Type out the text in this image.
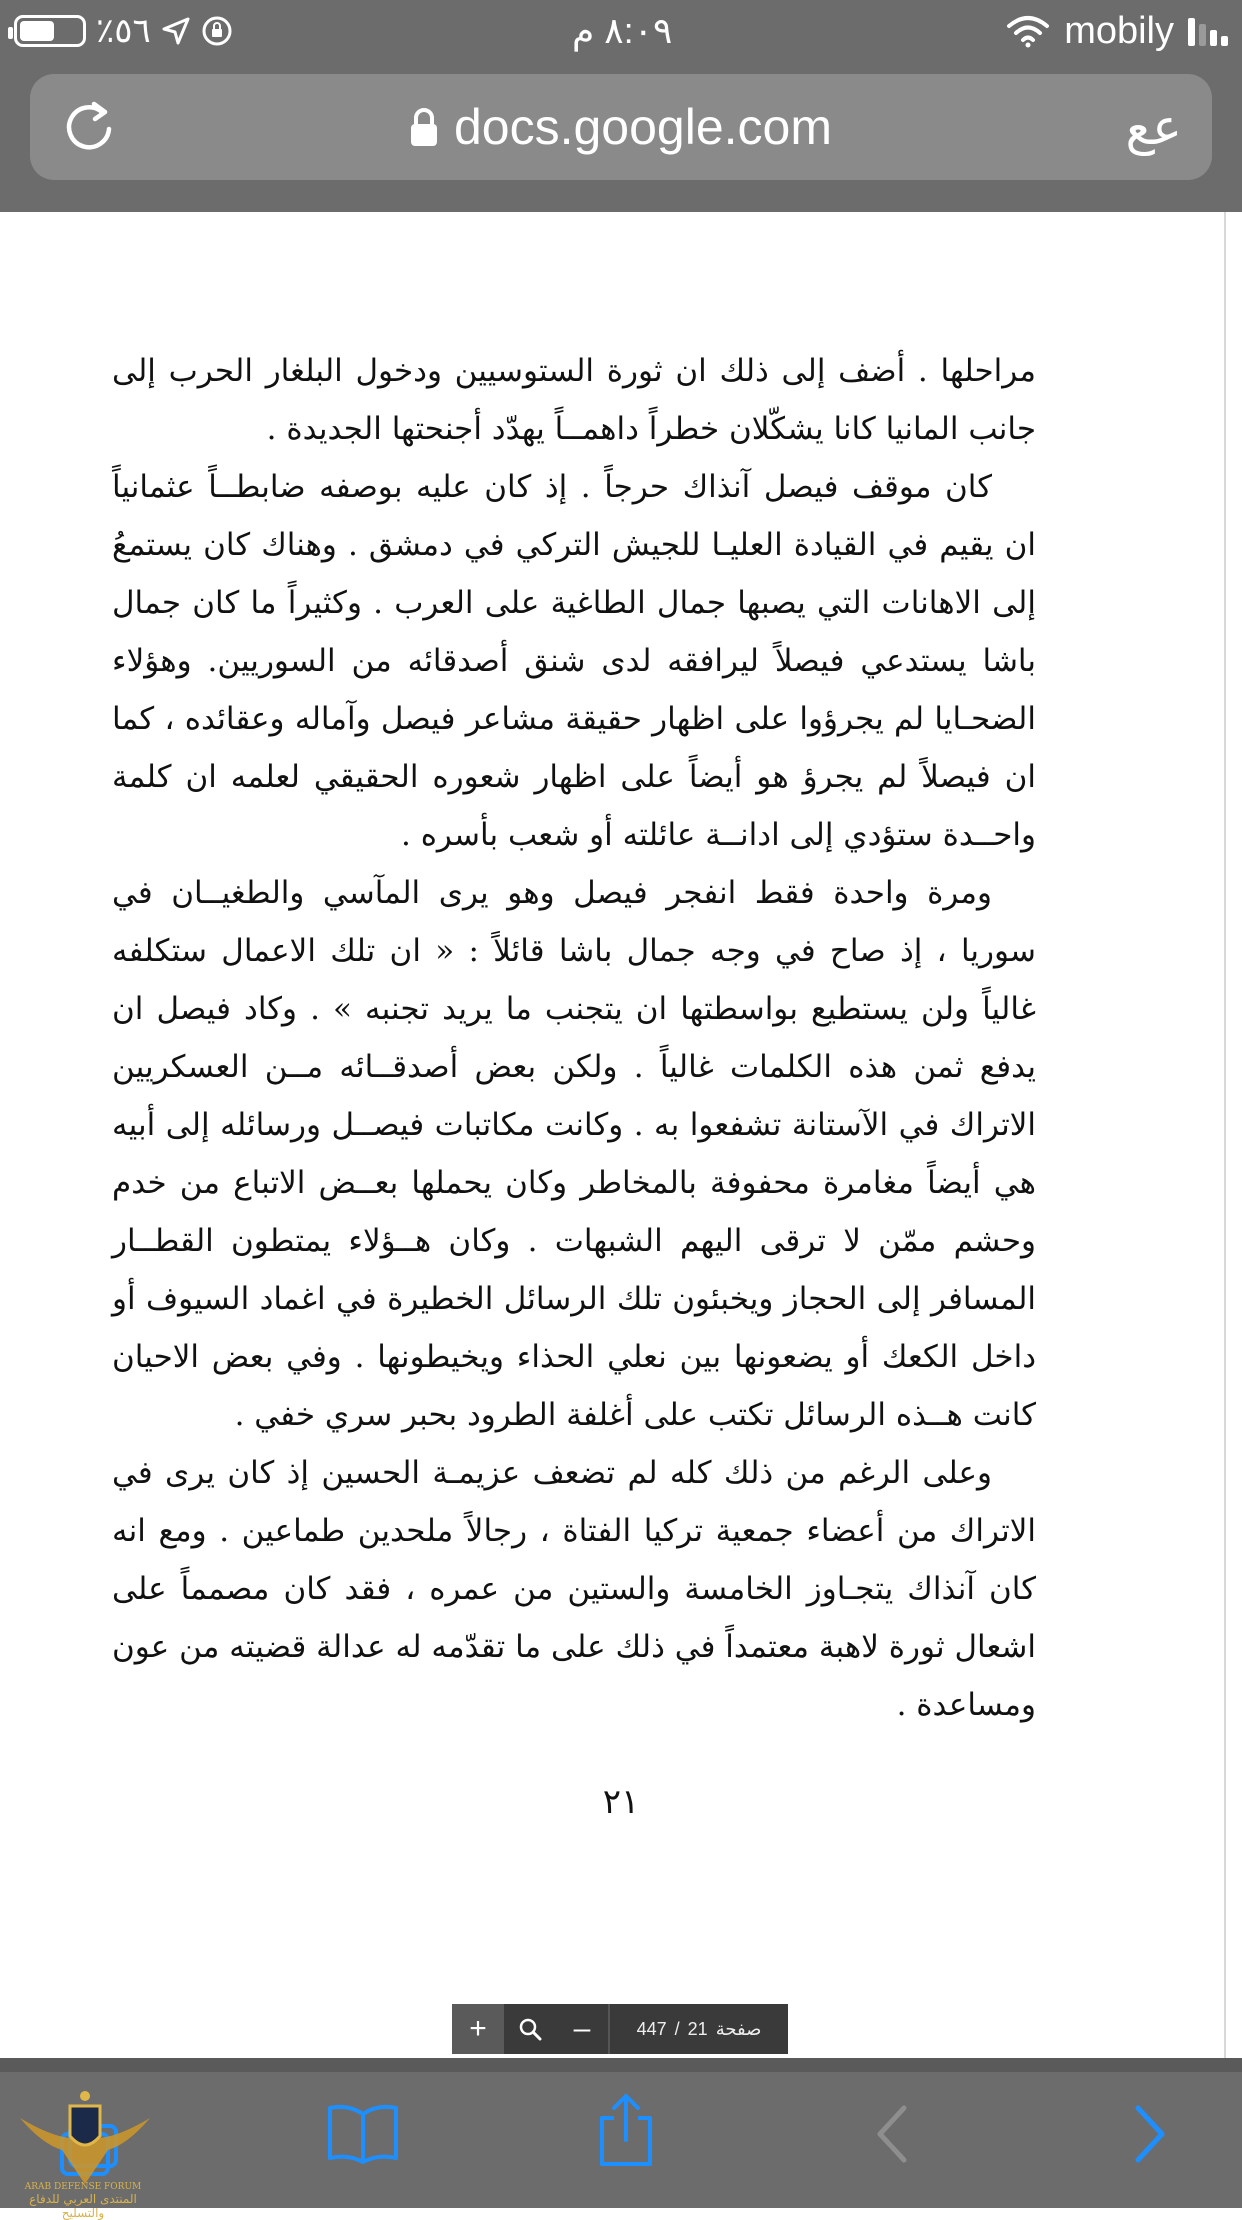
٪٥٦	٨:٠٩ م	mobily
docs.google.com	عع

مراحلها . أضف إلى ذلك ان ثورة الستوسيين ودخول البلغار الحرب إلى جانب المانيا كانا يشكّلان خطراً داهمــاً يهدّد أجنحتها الجديدة .

كان موقف فيصل آنذاك حرجاً . إذ كان عليه بوصفه ضابطــاً عثمانياً ان يقيم في القيادة العليـا للجيش التركي في دمشق . وهناك كان يستمعُ إلى الاهانات التي يصبها جمال الطاغية على العرب . وكثيراً ما كان جمال باشا يستدعي فيصلاً ليرافقه لدى شنق أصدقائه من السوريين. وهؤلاء الضحـايا لم يجرؤوا على اظهار حقيقة مشاعر فيصل وآماله وعقائده ، كما ان فيصلاً لم يجرؤ هو أيضاً على اظهار شعوره الحقيقي لعلمه ان كلمة واحــدة ستؤدي إلى ادانــة عائلته أو شعب بأسره .

ومرة واحدة فقط انفجر فيصل وهو يرى المآسي والطغيــان في سوريا ، إذ صاح في وجه جمال باشا قائلاً : « ان تلك الاعمال ستكلفه غالياً ولن يستطيع بواسطتها ان يتجنب ما يريد تجنبه » . وكاد فيصل ان يدفع ثمن هذه الكلمات غالياً . ولكن بعض أصدقــائه مــن العسكريين الاتراك في الآستانة تشفعوا به . وكانت مكاتبات فيصــل ورسائله إلى أبيه هي أيضاً مغامرة محفوفة بالمخاطر وكان يحملها بعــض الاتباع من خدم وحشم ممّن لا ترقى اليهم الشبهات . وكان هــؤلاء يمتطون القطــار المسافر إلى الحجاز ويخبئون تلك الرسائل الخطيرة في اغماد السيوف أو داخل الكعك أو يضعونها بين نعلي الحذاء ويخيطونها . وفي بعض الاحيان كانت هــذه الرسائل تكتب على أغلفة الطرود بحبر سري خفي .

وعلى الرغم من ذلك كله لم تضعف عزيمـة الحسين إذ كان يرى في الاتراك من أعضاء جمعية تركيا الفتاة ، رجالاً ملحدين طماعين . ومع انه كان آنذاك يتجـاوز الخامسة والستين من عمره ، فقد كان مصمماً على اشعال ثورة لاهبة معتمداً في ذلك على ما تقدّمه له عدالة قضيته من عون ومساعدة .

٢١
+	–	447 / 21 صفحة
ARAB DEFENSE FORUM
المنتدى العربي للدفاع والتسليح
